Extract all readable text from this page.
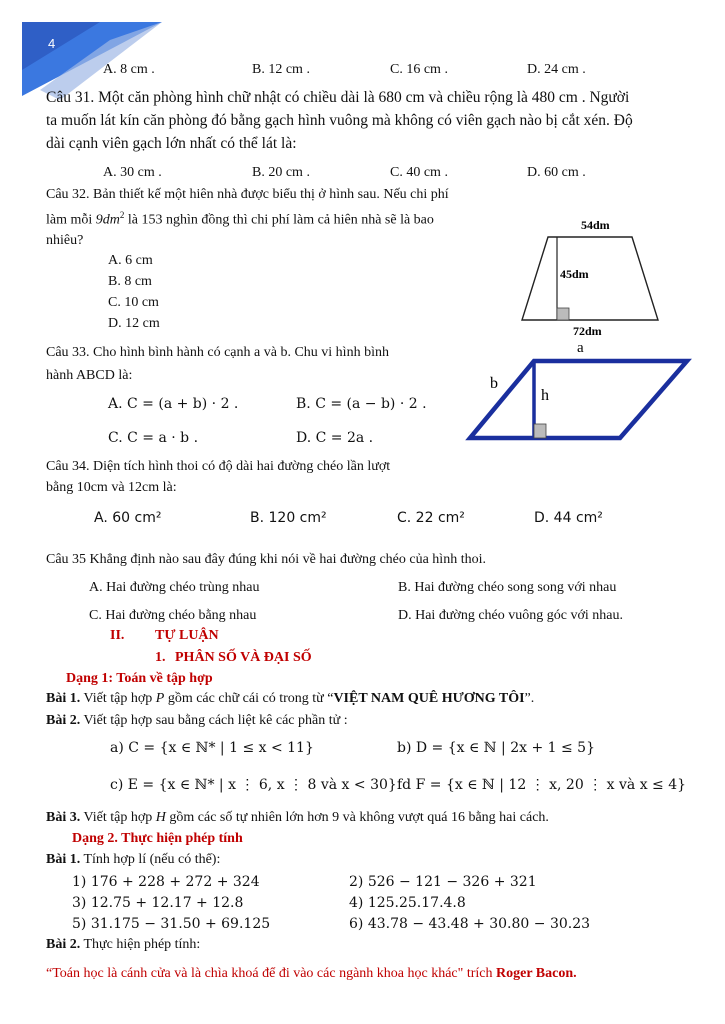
4
A. 8 cm .	B. 12 cm .	C. 16 cm .	D. 24 cm .
Câu 31. Một căn phòng hình chữ nhật có chiều dài là 680 cm và chiều rộng là 480 cm . Người
ta muốn lát kín căn phòng đó bằng gạch hình vuông mà không có viên gạch nào bị cắt xén. Độ
dài cạnh viên gạch lớn nhất có thể lát là:
A. 30 cm .	B. 20 cm .	C. 40 cm .	D. 60 cm .
Câu 32. Bản thiết kế một hiên nhà được biểu thị ở hình sau. Nếu chi phí
làm mỗi $9dm^2$ là 153 nghìn đồng thì chi phí làm cả hiên nhà sẽ là bao
nhiêu?
A. 6 cm
B. 8 cm
C. 10 cm
D. 12 cm
54dm
45dm
72dm
Câu 33. Cho hình bình hành có cạnh a và b. Chu vi hình bình
hành ABCD là:
A. C = (a + b) · 2 .	B. C = (a − b) · 2 .
C. C = a · b .	D. C = 2a .
a
b
h
Câu 34. Diện tích hình thoi có độ dài hai đường chéo lần lượt
bằng 10cm và 12cm là:
A. 60 cm²	B. 120 cm²	C. 22 cm²	D. 44 cm²
Câu 35 Khẳng định nào sau đây đúng khi nói về hai đường chéo của hình thoi.
A. Hai đường chéo trùng nhau	B. Hai đường chéo song song với nhau
C. Hai đường chéo bằng nhau	D. Hai đường chéo vuông góc với nhau.
II. TỰ LUẬN
1. PHÂN SỐ VÀ ĐẠI SỐ
Dạng 1: Toán về tập hợp
Bài 1. Viết tập hợp P gồm các chữ cái có trong từ “VIỆT NAM QUÊ HƯƠNG TÔI”.
Bài 2. Viết tập hợp sau bằng cách liệt kê các phần tử :
a) C = {x ∈ ℕ* | 1 ≤ x < 11}	b) D = {x ∈ ℕ | 2x + 1 ≤ 5}
c) E = {x ∈ ℕ* | x ⋮ 6, x ⋮ 8 và x < 30} fd F = {x ∈ ℕ | 12 ⋮ x, 20 ⋮ x và x ≤ 4}
Bài 3. Viết tập hợp H gồm các số tự nhiên lớn hơn 9 và không vượt quá 16 bằng hai cách.
Dạng 2. Thực hiện phép tính
Bài 1. Tính hợp lí (nếu có thể):
1) 176 + 228 + 272 + 324	2) 526 − 121 − 326 + 321
3) 12.75 + 12.17 + 12.8	4) 125.25.17.4.8
5) 31.175 − 31.50 + 69.125	6) 43.78 − 43.48 + 30.80 − 30.23
Bài 2. Thực hiện phép tính:
“Toán học là cánh cửa và là chìa khoá để đi vào các ngành khoa học khác" trích Roger Bacon.
